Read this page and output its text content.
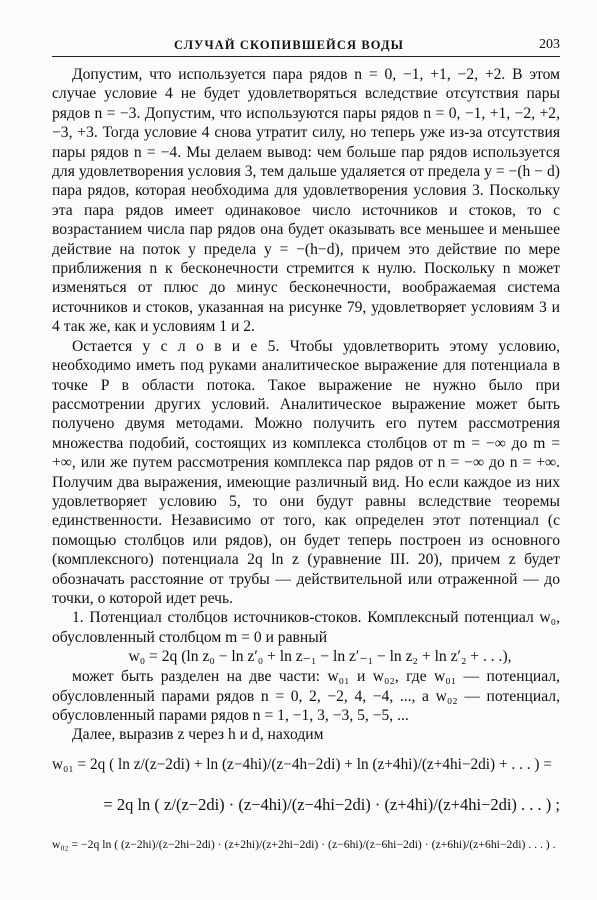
СЛУЧАЙ СКОПИВШЕЙСЯ ВОДЫ	203

Допустим, что используется пара рядов n = 0, −1, +1, −2, +2. В этом случае условие 4 не будет удовлетворяться вследствие отсутствия пары рядов n = −3. Допустим, что используются пары рядов n = 0, −1, +1, −2, +2, −3, +3. Тогда условие 4 снова утратит силу, но теперь уже из-за отсутствия пары рядов n = −4. Мы делаем вывод: чем больше пар рядов используется для удовлетворения условия 3, тем дальше удаляется от предела y = −(h − d) пара рядов, которая необходима для удовлетворения условия 3. Поскольку эта пара рядов имеет одинаковое число источников и стоков, то с возрастанием числа пар рядов она будет оказывать все меньшее и меньшее действие на поток у предела y = −(h−d), причем это действие по мере приближения n к бесконечности стремится к нулю. Поскольку n может изменяться от плюс до минус бесконечности, воображаемая система источников и стоков, указанная на рисунке 79, удовлетворяет условиям 3 и 4 так же, как и условиям 1 и 2.

Остается у с л о в и е 5. Чтобы удовлетворить этому условию, необходимо иметь под руками аналитическое выражение для потенциала в точке P в области потока. Такое выражение не нужно было при рассмотрении других условий. Аналитическое выражение может быть получено двумя методами. Можно получить его путем рассмотрения множества подобий, состоящих из комплекса столбцов от m = −∞ до m = +∞, или же путем рассмотрения комплекса пар рядов от n = −∞ до n = +∞. Получим два выражения, имеющие различный вид. Но если каждое из них удовлетворяет условию 5, то они будут равны вследствие теоремы единственности. Независимо от того, как определен этот потенциал (с помощью столбцов или рядов), он будет теперь построен из основного (комплексного) потенциала 2q ln z (уравнение III. 20), причем z будет обозначать расстояние от трубы — действительной или отраженной — до точки, о которой идет речь.

1. Потенциал столбцов источников-стоков. Комплексный потенциал w₀, обусловленный столбцом m = 0 и равный

w₀ = 2q (ln z₀ − ln z′₀ + ln z₋₁ − ln z′₋₁ − ln z₂ + ln z′₂ + . . .),

может быть разделен на две части: w₀₁ и w₀₂, где w₀₁ — потенциал, обусловленный парами рядов n = 0, 2, −2, 4, −4, ..., а w₀₂ — потенциал, обусловленный парами рядов n = 1, −1, 3, −3, 5, −5, ...

Далее, выразив z через h и d, находим

w₀₁ = 2q ( ln z/(z−2di) + ln (z−4hi)/(z−4h−2di) + ln (z+4hi)/(z+4hi−2di) + . . . ) =

= 2q ln ( z/(z−2di) · (z−4hi)/(z−4hi−2di) · (z+4hi)/(z+4hi−2di) . . . ) ;

w₀₂ = −2q ln ( (z−2hi)/(z−2hi−2di) · (z+2hi)/(z+2hi−2di) · (z−6hi)/(z−6hi−2di) · (z+6hi)/(z+6hi−2di) . . . ) .
